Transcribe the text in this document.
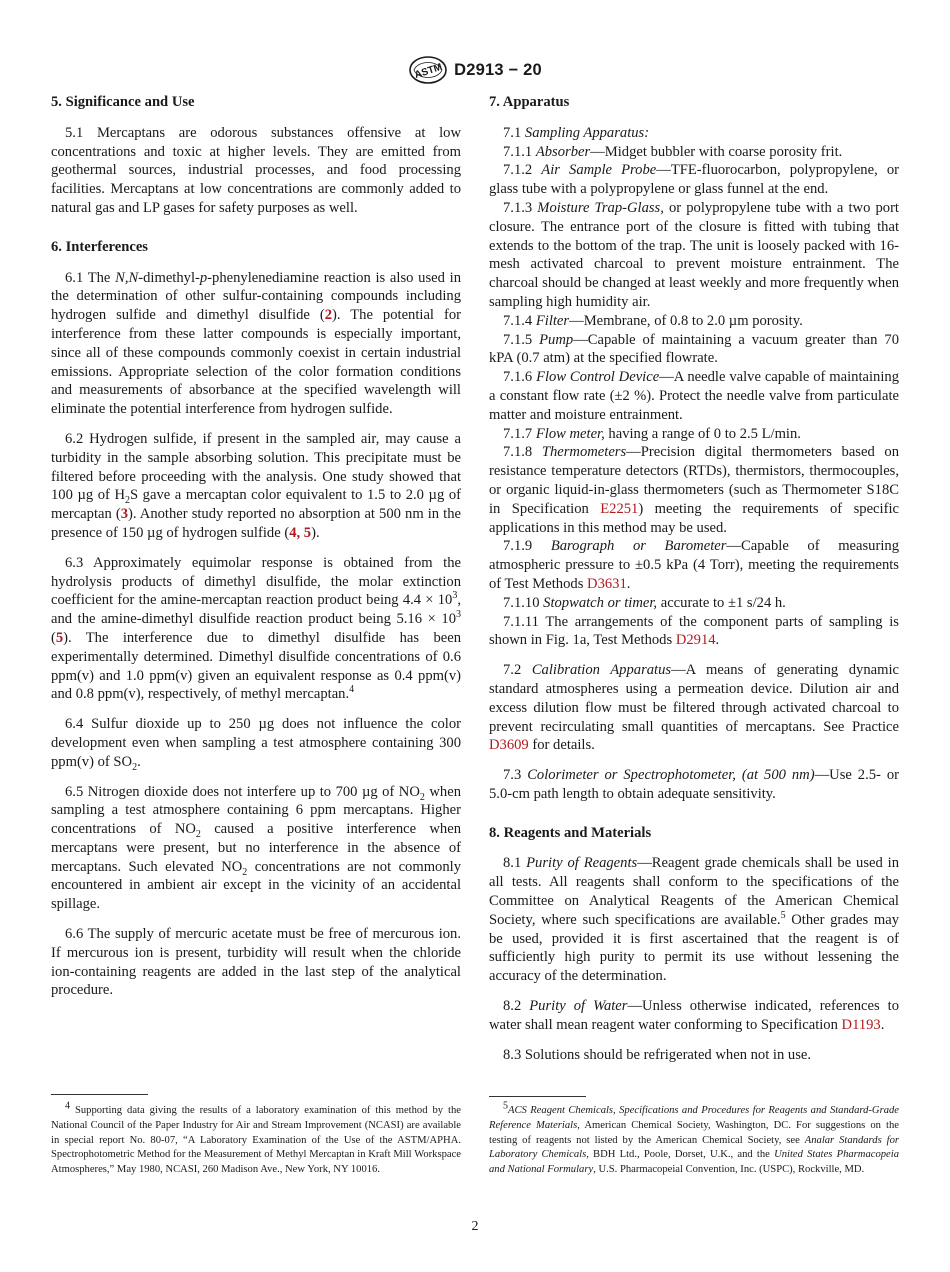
ASTM D2913 − 20
5. Significance and Use

5.1 Mercaptans are odorous substances offensive at low concentrations and toxic at higher levels. They are emitted from geothermal sources, industrial processes, and food processing facilities. Mercaptans at low concentrations are commonly added to natural gas and LP gases for safety purposes as well.

6. Interferences

6.1 The N,N-dimethyl-p-phenylenediamine reaction is also used in the determination of other sulfur-containing compounds including hydrogen sulfide and dimethyl disulfide (2). The potential for interference from these latter compounds is especially important, since all of these compounds commonly coexist in certain industrial emissions. Appropriate selection of the color formation conditions and measurements of absorbance at the specified wavelength will eliminate the potential interference from hydrogen sulfide.

6.2 Hydrogen sulfide, if present in the sampled air, may cause a turbidity in the sample absorbing solution. This precipitate must be filtered before proceeding with the analysis. One study showed that 100 µg of $H_2S$ gave a mercaptan color equivalent to 1.5 to 2.0 µg of mercaptan (3). Another study reported no absorption at 500 nm in the presence of 150 µg of hydrogen sulfide (4, 5).

6.3 Approximately equimolar response is obtained from the hydrolysis products of dimethyl disulfide, the molar extinction coefficient for the amine-mercaptan reaction product being $4.4 \times 10^3$, and the amine-dimethyl disulfide reaction product being $5.16 \times 10^3$ (5). The interference due to dimethyl disulfide has been experimentally determined. Dimethyl disulfide concentrations of 0.6 ppm(v) and 1.0 ppm(v) given an equivalent response as 0.4 ppm(v) and 0.8 ppm(v), respectively, of methyl mercaptan.$^4$

6.4 Sulfur dioxide up to 250 µg does not influence the color development even when sampling a test atmosphere containing 300 ppm(v) of $SO_2$.

6.5 Nitrogen dioxide does not interfere up to 700 µg of $NO_2$ when sampling a test atmosphere containing 6 ppm mercaptans. Higher concentrations of $NO_2$ caused a positive interference when mercaptans were present, but no interference in the absence of mercaptans. Such elevated $NO_2$ concentrations are not commonly encountered in ambient air except in the vicinity of an accidental spillage.

6.6 The supply of mercuric acetate must be free of mercurous ion. If mercurous ion is present, turbidity will result when the chloride ion-containing reagents are added in the last step of the analytical procedure.

7. Apparatus

7.1 Sampling Apparatus:

7.1.1 Absorber—Midget bubbler with coarse porosity frit.

7.1.2 Air Sample Probe—TFE-fluorocarbon, polypropylene, or glass tube with a polypropylene or glass funnel at the end.

7.1.3 Moisture Trap-Glass, or polypropylene tube with a two port closure. The entrance port of the closure is fitted with tubing that extends to the bottom of the trap. The unit is loosely packed with 16-mesh activated charcoal to prevent moisture entrainment. The charcoal should be changed at least weekly and more frequently when sampling high humidity air.

7.1.4 Filter—Membrane, of 0.8 to 2.0 µm porosity.

7.1.5 Pump—Capable of maintaining a vacuum greater than 70 kPA (0.7 atm) at the specified flowrate.

7.1.6 Flow Control Device—A needle valve capable of maintaining a constant flow rate (±2 %). Protect the needle valve from particulate matter and moisture entrainment.

7.1.7 Flow meter, having a range of 0 to 2.5 L/min.

7.1.8 Thermometers—Precision digital thermometers based on resistance temperature detectors (RTDs), thermistors, thermocouples, or organic liquid-in-glass thermometers (such as Thermometer S18C in Specification E2251) meeting the requirements of specific applications in this method may be used.

7.1.9 Barograph or Barometer—Capable of measuring atmospheric pressure to ±0.5 kPa (4 Torr), meeting the requirements of Test Methods D3631.

7.1.10 Stopwatch or timer, accurate to ±1 s/24 h.

7.1.11 The arrangements of the component parts of sampling is shown in Fig. 1a, Test Methods D2914.

7.2 Calibration Apparatus—A means of generating dynamic standard atmospheres using a permeation device. Dilution air and excess dilution flow must be filtered through activated charcoal to prevent recirculating small quantities of mercaptans. See Practice D3609 for details.

7.3 Colorimeter or Spectrophotometer, (at 500 nm)—Use 2.5- or 5.0-cm path length to obtain adequate sensitivity.

8. Reagents and Materials

8.1 Purity of Reagents—Reagent grade chemicals shall be used in all tests. All reagents shall conform to the specifications of the Committee on Analytical Reagents of the American Chemical Society, where such specifications are available.$^5$ Other grades may be used, provided it is first ascertained that the reagent is of sufficiently high purity to permit its use without lessening the accuracy of the determination.

8.2 Purity of Water—Unless otherwise indicated, references to water shall mean reagent water conforming to Specification D1193.

8.3 Solutions should be refrigerated when not in use.

$^4$ Supporting data giving the results of a laboratory examination of this method by the National Council of the Paper Industry for Air and Stream Improvement (NCASI) are available in special report No. 80-07, “A Laboratory Examination of the Use of the ASTM/APHA. Spectrophotometric Method for the Measurement of Methyl Mercaptan in Kraft Mill Workspace Atmospheres,” May 1980, NCASI, 260 Madison Ave., New York, NY 10016.

$^5$ACS Reagent Chemicals, Specifications and Procedures for Reagents and Standard-Grade Reference Materials, American Chemical Society, Washington, DC. For suggestions on the testing of reagents not listed by the American Chemical Society, see Analar Standards for Laboratory Chemicals, BDH Ltd., Poole, Dorset, U.K., and the United States Pharmacopeia and National Formulary, U.S. Pharmacopeial Convention, Inc. (USPC), Rockville, MD.

2
